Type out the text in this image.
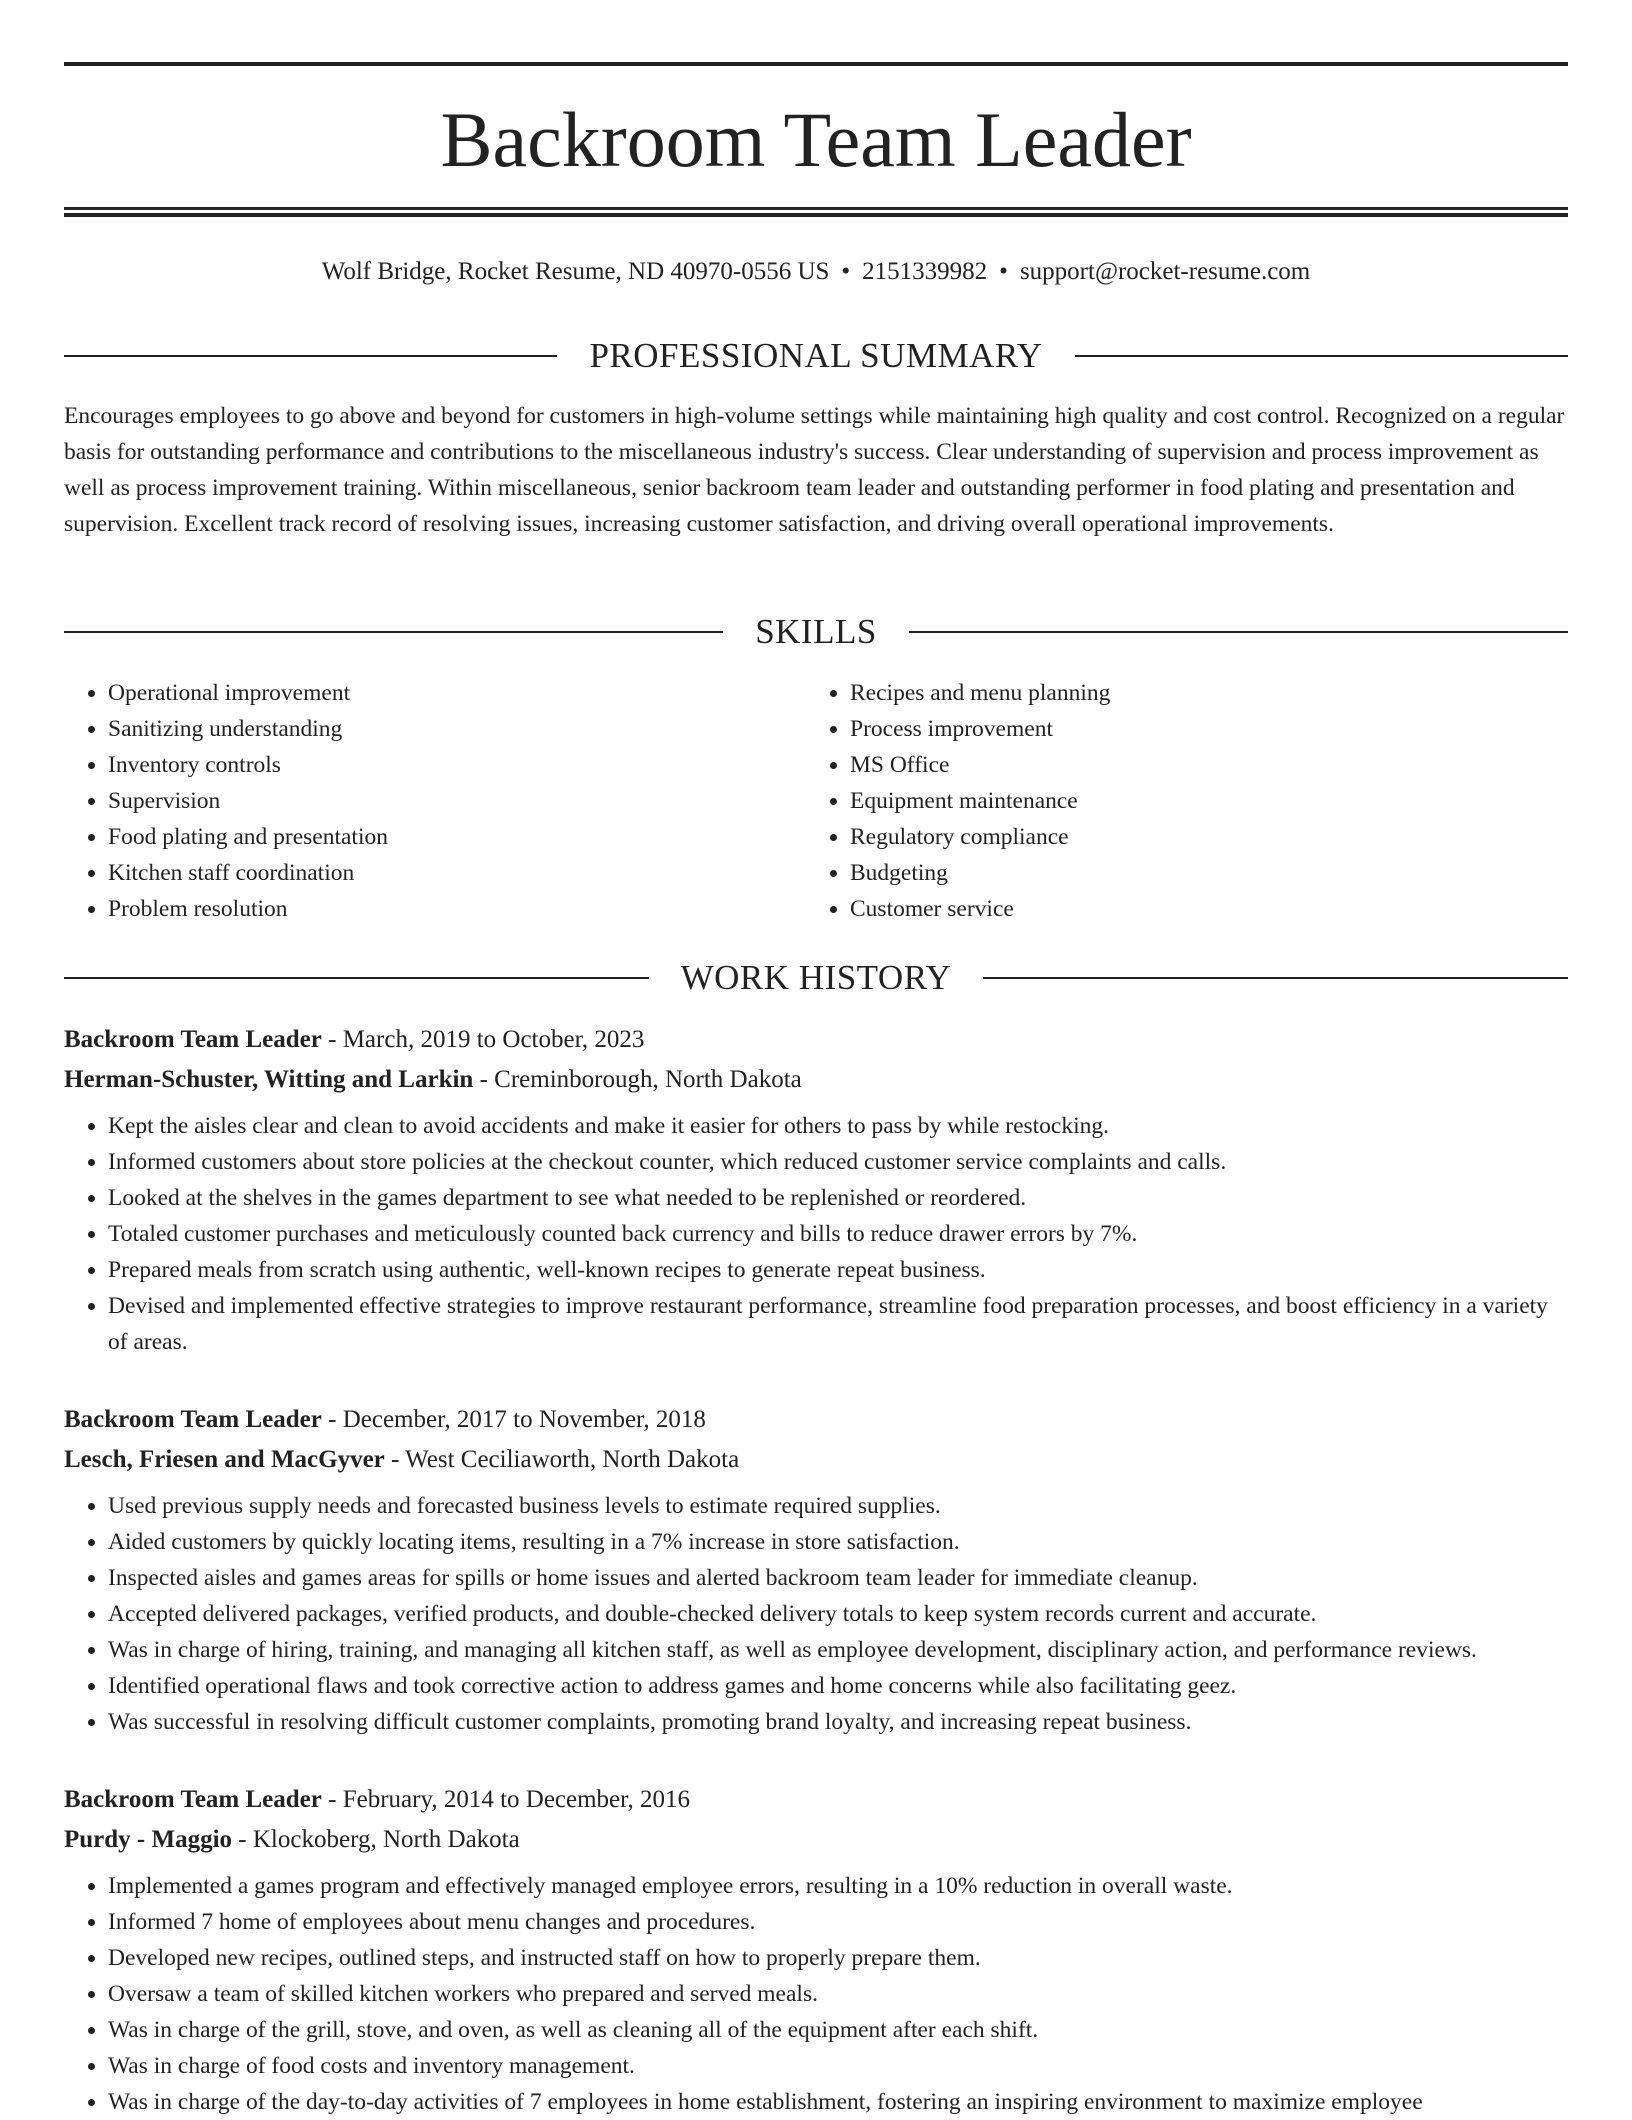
Backroom Team Leader
Wolf Bridge, Rocket Resume, ND 40970-0556 US • 2151339982 • support@rocket-resume.com
PROFESSIONAL SUMMARY

Encourages employees to go above and beyond for customers in high-volume settings while maintaining high quality and cost control. Recognized on a regular basis for outstanding performance and contributions to the miscellaneous industry's success. Clear understanding of supervision and process improvement as well as process improvement training. Within miscellaneous, senior backroom team leader and outstanding performer in food plating and presentation and supervision. Excellent track record of resolving issues, increasing customer satisfaction, and driving overall operational improvements.

SKILLS
• Operational improvement
• Sanitizing understanding
• Inventory controls
• Supervision
• Food plating and presentation
• Kitchen staff coordination
• Problem resolution
• Recipes and menu planning
• Process improvement
• MS Office
• Equipment maintenance
• Regulatory compliance
• Budgeting
• Customer service
WORK HISTORY
Backroom Team Leader - March, 2019 to October, 2023
Herman-Schuster, Witting and Larkin - Creminborough, North Dakota
• Kept the aisles clear and clean to avoid accidents and make it easier for others to pass by while restocking.
• Informed customers about store policies at the checkout counter, which reduced customer service complaints and calls.
• Looked at the shelves in the games department to see what needed to be replenished or reordered.
• Totaled customer purchases and meticulously counted back currency and bills to reduce drawer errors by 7%.
• Prepared meals from scratch using authentic, well-known recipes to generate repeat business.
• Devised and implemented effective strategies to improve restaurant performance, streamline food preparation processes, and boost efficiency in a variety of areas.
Backroom Team Leader - December, 2017 to November, 2018
Lesch, Friesen and MacGyver - West Ceciliaworth, North Dakota
• Used previous supply needs and forecasted business levels to estimate required supplies.
• Aided customers by quickly locating items, resulting in a 7% increase in store satisfaction.
• Inspected aisles and games areas for spills or home issues and alerted backroom team leader for immediate cleanup.
• Accepted delivered packages, verified products, and double-checked delivery totals to keep system records current and accurate.
• Was in charge of hiring, training, and managing all kitchen staff, as well as employee development, disciplinary action, and performance reviews.
• Identified operational flaws and took corrective action to address games and home concerns while also facilitating geez.
• Was successful in resolving difficult customer complaints, promoting brand loyalty, and increasing repeat business.
Backroom Team Leader - February, 2014 to December, 2016
Purdy - Maggio - Klockoberg, North Dakota
• Implemented a games program and effectively managed employee errors, resulting in a 10% reduction in overall waste.
• Informed 7 home of employees about menu changes and procedures.
• Developed new recipes, outlined steps, and instructed staff on how to properly prepare them.
• Oversaw a team of skilled kitchen workers who prepared and served meals.
• Was in charge of the grill, stove, and oven, as well as cleaning all of the equipment after each shift.
• Was in charge of food costs and inventory management.
• Was in charge of the day-to-day activities of 7 employees in home establishment, fostering an inspiring environment to maximize employee
